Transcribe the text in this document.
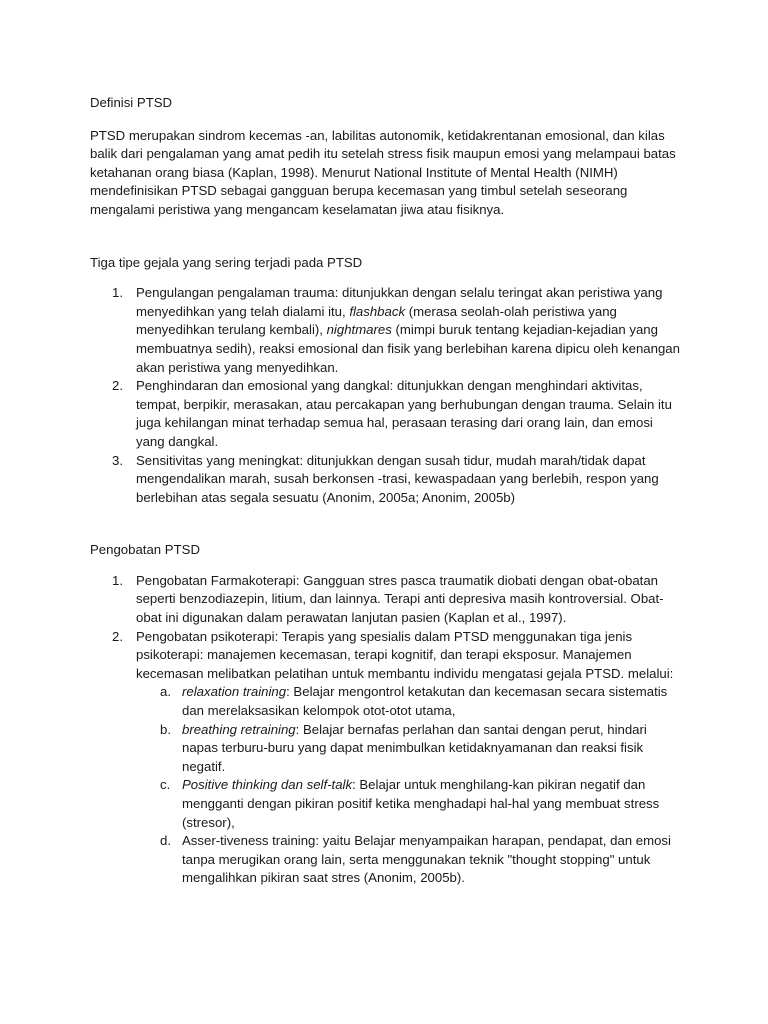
Definisi PTSD

PTSD merupakan sindrom kecemas -an, labilitas autonomik, ketidakrentanan emosional, dan kilas balik dari pengalaman yang amat pedih itu setelah stress fisik maupun emosi yang melampaui batas ketahanan orang biasa (Kaplan, 1998). Menurut National Institute of Mental Health (NIMH) mendefinisikan PTSD sebagai gangguan berupa kecemasan yang timbul setelah seseorang mengalami peristiwa yang mengancam keselamatan jiwa atau fisiknya.

Tiga tipe gejala yang sering terjadi pada PTSD

1. Pengulangan pengalaman trauma: ditunjukkan dengan selalu teringat akan peristiwa yang menyedihkan yang telah dialami itu, flashback (merasa seolah-olah peristiwa yang menyedihkan terulang kembali), nightmares (mimpi buruk tentang kejadian-kejadian yang membuatnya sedih), reaksi emosional dan fisik yang berlebihan karena dipicu oleh kenangan akan peristiwa yang menyedihkan.
2. Penghindaran dan emosional yang dangkal: ditunjukkan dengan menghindari aktivitas, tempat, berpikir, merasakan, atau percakapan yang berhubungan dengan trauma. Selain itu juga kehilangan minat terhadap semua hal, perasaan terasing dari orang lain, dan emosi yang dangkal.
3. Sensitivitas yang meningkat: ditunjukkan dengan susah tidur, mudah marah/tidak dapat mengendalikan marah, susah berkonsen -trasi, kewaspadaan yang berlebih, respon yang berlebihan atas segala sesuatu (Anonim, 2005a; Anonim, 2005b)

Pengobatan PTSD

1. Pengobatan Farmakoterapi: Gangguan stres pasca traumatik diobati dengan obat-obatan seperti benzodiazepin, litium, dan lainnya. Terapi anti depresiva masih kontroversial. Obat-obat ini digunakan dalam perawatan lanjutan pasien (Kaplan et al., 1997).
2. Pengobatan psikoterapi: Terapis yang spesialis dalam PTSD menggunakan tiga jenis psikoterapi: manajemen kecemasan, terapi kognitif, dan terapi eksposur. Manajemen kecemasan melibatkan pelatihan untuk membantu individu mengatasi gejala PTSD. melalui:
a. relaxation training: Belajar mengontrol ketakutan dan kecemasan secara sistematis dan merelaksasikan kelompok otot-otot utama,
b. breathing retraining: Belajar bernafas perlahan dan santai dengan perut, hindari napas terburu-buru yang dapat menimbulkan ketidaknyamanan dan reaksi fisik negatif.
c. Positive thinking dan self-talk: Belajar untuk menghilang-kan pikiran negatif dan mengganti dengan pikiran positif ketika menghadapi hal-hal yang membuat stress (stresor),
d. Asser-tiveness training: yaitu Belajar menyampaikan harapan, pendapat, dan emosi tanpa merugikan orang lain, serta menggunakan teknik "thought stopping" untuk mengalihkan pikiran saat stres (Anonim, 2005b).
